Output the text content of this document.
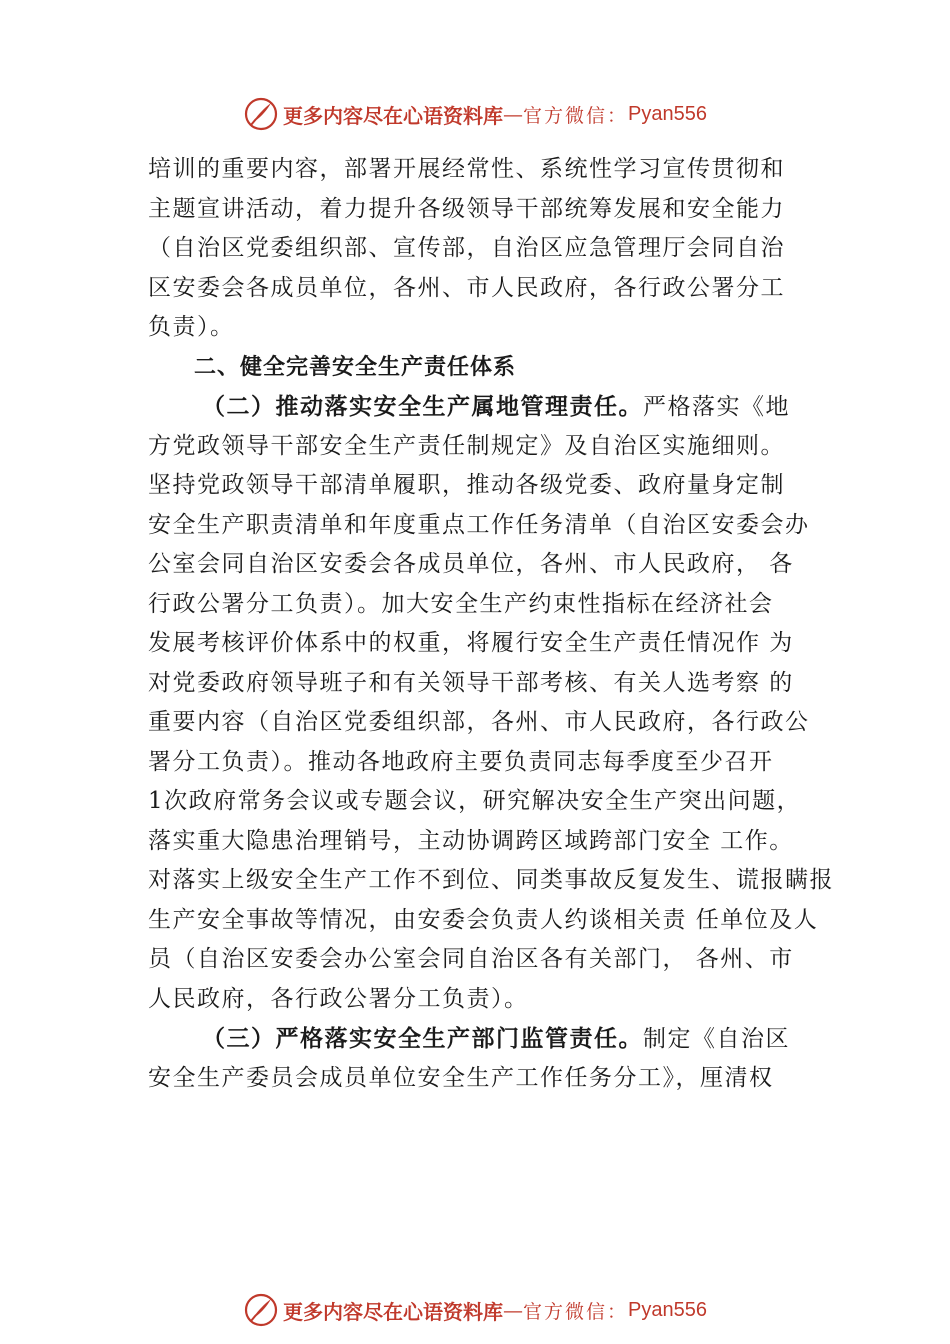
更多内容尽在心语资料库 — 官方微信： Pyan556
培训的重要内容，部署开展经常性、系统性学习宣传贯彻和
主题宣讲活动，着力提升各级领导干部统筹发展和安全能力
（自治区党委组织部、宣传部，自治区应急管理厅会同自治
区安委会各成员单位，各州、市人民政府，各行政公署分工
负责）。
二、健全完善安全生产责任体系
（二）推动落实安全生产属地管理责任。严格落实《地
方党政领导干部安全生产责任制规定》及自治区实施细则。
坚持党政领导干部清单履职，推动各级党委、政府量身定制
安全生产职责清单和年度重点工作任务清单（自治区安委会办
公室会同自治区安委会各成员单位，各州、市人民政府， 各
行政公署分工负责）。加大安全生产约束性指标在经济社会
发展考核评价体系中的权重，将履行安全生产责任情况作 为
对党委政府领导班子和有关领导干部考核、有关人选考察 的
重要内容（自治区党委组织部，各州、市人民政府，各行政公
署分工负责）。推动各地政府主要负责同志每季度至少召开
1次政府常务会议或专题会议，研究解决安全生产突出问题，
落实重大隐患治理销号，主动协调跨区域跨部门安全 工作。
对落实上级安全生产工作不到位、同类事故反复发生、谎报瞒报
生产安全事故等情况，由安委会负责人约谈相关责 任单位及人
员（自治区安委会办公室会同自治区各有关部门， 各州、市
人民政府，各行政公署分工负责）。
（三）严格落实安全生产部门监管责任。制定《自治区
安全生产委员会成员单位安全生产工作任务分工》，厘清权
更多内容尽在心语资料库 — 官方微信： Pyan556
